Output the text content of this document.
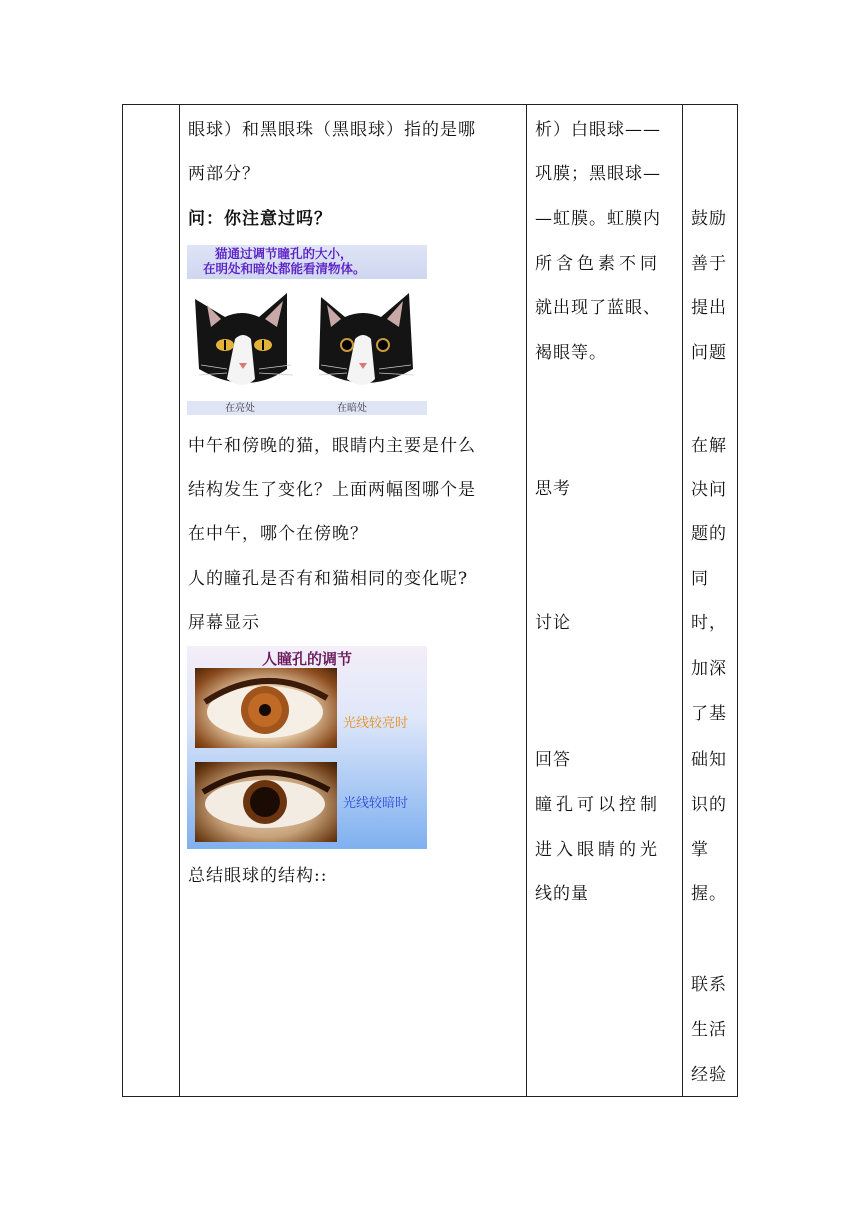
眼球）和黑眼珠（黑眼球）指的是哪
两部分？
问：你注意过吗？
猫通过调节瞳孔的大小，
在明处和暗处都能看清物体。
在亮处	在暗处
中午和傍晚的猫，眼睛内主要是什么
结构发生了变化？上面两幅图哪个是
在中午，哪个在傍晚？
人的瞳孔是否有和猫相同的变化呢?
屏幕显示
人瞳孔的调节
光线较亮时
光线较暗时
总结眼球的结构::
析）白眼球——
巩膜；黑眼球—
—虹膜。虹膜内
所含色素不同
就出现了蓝眼、
褐眼等。
思考
讨论
回答
瞳孔可以控制
进入眼睛的光
线的量
鼓励
善于
提出
问题
在解
决问
题的
同
时，
加深
了基
础知
识的
掌
握。
联系
生活
经验
